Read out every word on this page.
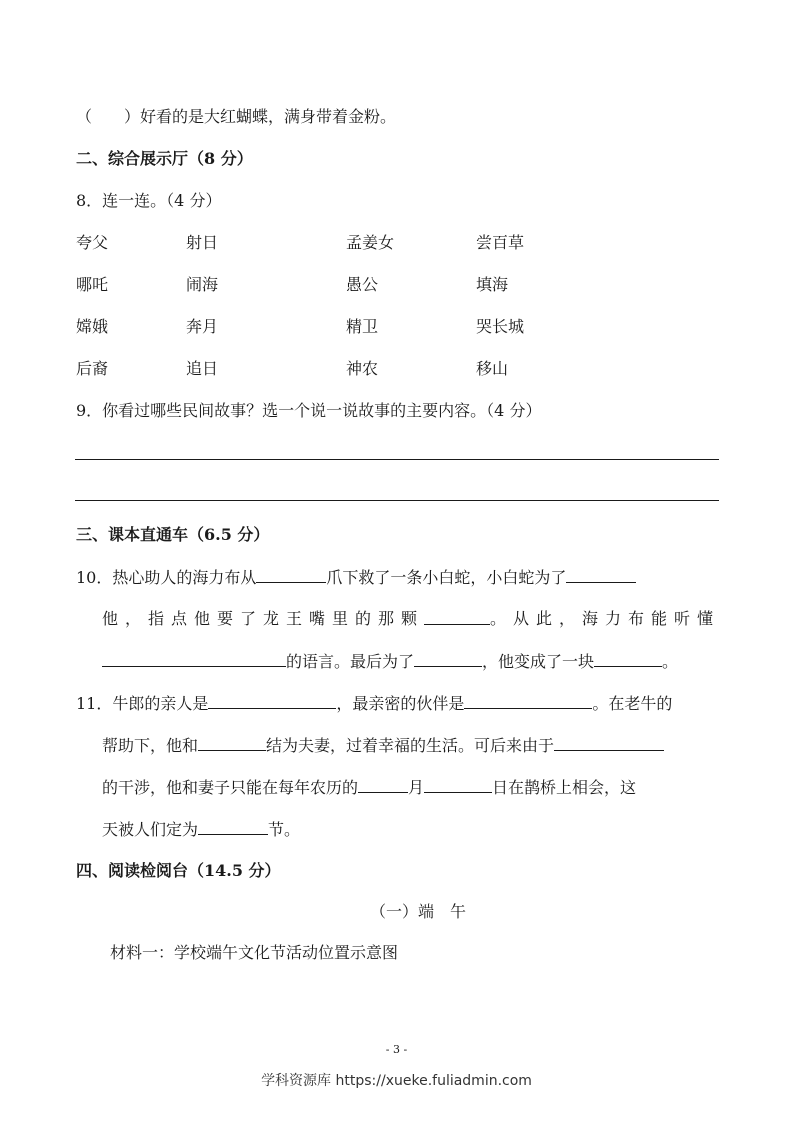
（　　）好看的是大红蝴蝶，满身带着金粉。
二、综合展示厅（8 分）
8．连一连。（4 分）
夸父	射日	孟姜女	尝百草
哪吒	闹海	愚公	填海
嫦娥	奔月	精卫	哭长城
后裔	追日	神农	移山
9．你看过哪些民间故事？选一个说一说故事的主要内容。（4 分）
三、课本直通车（6.5 分）
10．热心助人的海力布从	爪下救了一条小白蛇，小白蛇为了
他，指点他要了龙王嘴里的那颗	。从此，海力布能听懂
的语言。最后为了	，他变成了一块	。
11．牛郎的亲人是	，最亲密的伙伴是	。在老牛的
帮助下，他和	结为夫妻，过着幸福的生活。可后来由于
的干涉，他和妻子只能在每年农历的	月	日在鹊桥上相会，这
天被人们定为	节。
四、阅读检阅台（14.5 分）
（一）端　午
材料一：学校端午文化节活动位置示意图
- 3 -
学科资源库 https://xueke.fuliadmin.com
